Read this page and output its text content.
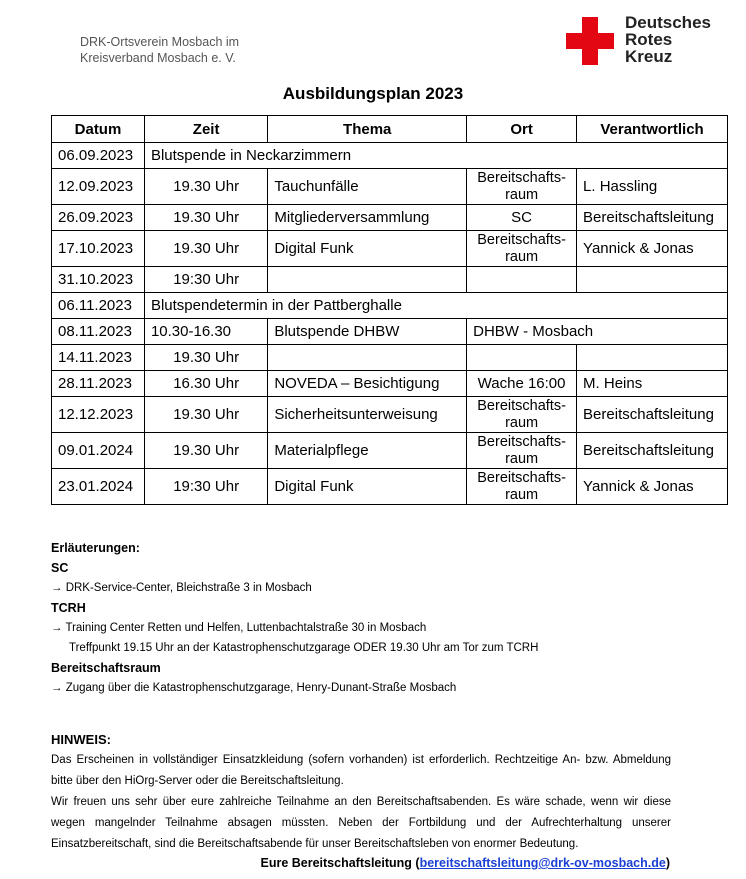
DRK-Ortsverein Mosbach im
Kreisverband Mosbach e. V.
Deutsches
Rotes
Kreuz
Ausbildungsplan 2023
Datum	Zeit	Thema	Ort	Verantwortlich
06.09.2023	Blutspende in Neckarzimmern			
12.09.2023	19.30 Uhr	Tauchunfälle	Bereitschafts-
raum	L. Hassling
26.09.2023	19.30 Uhr	Mitgliederversammlung	SC	Bereitschaftsleitung
17.10.2023	19.30 Uhr	Digital Funk	Bereitschafts-
raum	Yannick & Jonas
31.10.2023	19:30 Uhr			
06.11.2023	Blutspendetermin in der Pattberghalle			
08.11.2023	10.30-16.30	Blutspende DHBW	DHBW - Mosbach	
14.11.2023	19.30 Uhr			
28.11.2023	16.30 Uhr	NOVEDA – Besichtigung	Wache 16:00	M. Heins
12.12.2023	19.30 Uhr	Sicherheitsunterweisung	Bereitschafts-
raum	Bereitschaftsleitung
09.01.2024	19.30 Uhr	Materialpflege	Bereitschafts-
raum	Bereitschaftsleitung
23.01.2024	19:30 Uhr	Digital Funk	Bereitschafts-
raum	Yannick & Jonas
Erläuterungen:
SC
→ DRK-Service-Center, Bleichstraße 3 in Mosbach
TCRH
→ Training Center Retten und Helfen, Luttenbachtalstraße 30 in Mosbach
Treffpunkt 19.15 Uhr an der Katastrophenschutzgarage ODER 19.30 Uhr am Tor zum TCRH
Bereitschaftsraum
→ Zugang über die Katastrophenschutzgarage, Henry-Dunant-Straße Mosbach
HINWEIS:
Das Erscheinen in vollständiger Einsatzkleidung (sofern vorhanden) ist erforderlich. Rechtzeitige An- bzw. Abmeldung bitte über den HiOrg-Server oder die Bereitschaftsleitung.
Wir freuen uns sehr über eure zahlreiche Teilnahme an den Bereitschaftsabenden. Es wäre schade, wenn wir diese wegen mangelnder Teilnahme absagen müssten. Neben der Fortbildung und der Aufrechterhaltung unserer Einsatzbereitschaft, sind die Bereitschaftsabende für unser Bereitschaftsleben von enormer Bedeutung.
Eure Bereitschaftsleitung (bereitschaftsleitung@drk-ov-mosbach.de)
